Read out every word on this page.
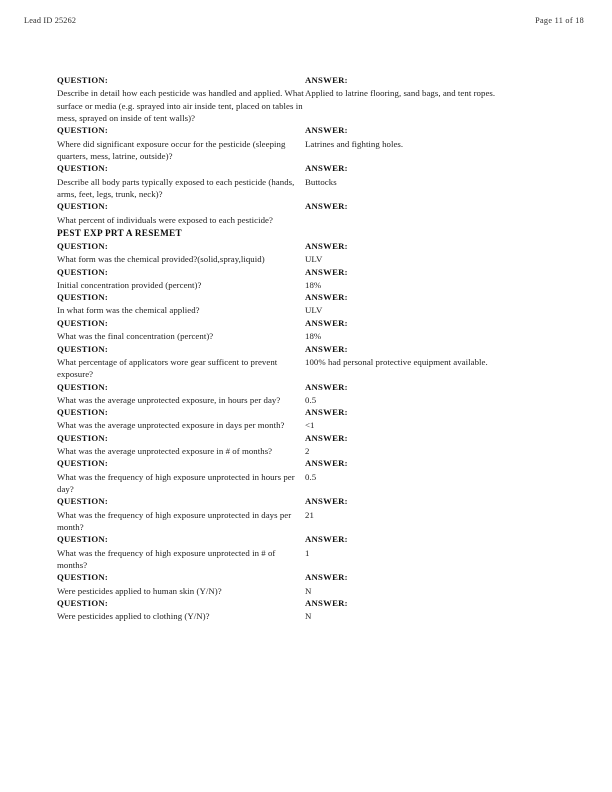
Lead ID 25262	Page 11 of 18
QUESTION:	ANSWER:
Describe in detail how each pesticide was handled and applied. What surface or media (e.g. sprayed into air inside tent, placed on tables in mess, sprayed on inside of tent walls)?
Applied to latrine flooring, sand bags, and tent ropes.
QUESTION:	ANSWER:
Where did significant exposure occur for the pesticide (sleeping quarters, mess, latrine, outside)?
Latrines and fighting holes.
QUESTION:	ANSWER:
Describe all body parts typically exposed to each pesticide (hands, arms, feet, legs, trunk, neck)?
Buttocks
QUESTION:	ANSWER:
What percent of individuals were exposed to each pesticide?
PEST EXP PRT A RESEMET
QUESTION:	ANSWER:
What form was the chemical provided?(solid,spray,liquid)	ULV
QUESTION:	ANSWER:
Initial concentration provided (percent)?	18%
QUESTION:	ANSWER:
In what form was the chemical applied?	ULV
QUESTION:	ANSWER:
What was the final concentration (percent)?	18%
QUESTION:	ANSWER:
What percentage of applicators wore gear sufficent to prevent exposure?
100% had personal protective equipment available.
QUESTION:	ANSWER:
What was the average unprotected exposure, in hours per day?	0.5
QUESTION:	ANSWER:
What was the average unprotected exposure in days per month?	<1
QUESTION:	ANSWER:
What was the average unprotected exposure in # of months?	2
QUESTION:	ANSWER:
What was the frequency of high exposure unprotected in hours per day?
0.5
QUESTION:	ANSWER:
What was the frequency of high exposure unprotected in days per month?
21
QUESTION:	ANSWER:
What was the frequency of high exposure unprotected in # of months?
1
QUESTION:	ANSWER:
Were pesticides applied to human skin (Y/N)?	N
QUESTION:	ANSWER:
Were pesticides applied to clothing (Y/N)?	N
